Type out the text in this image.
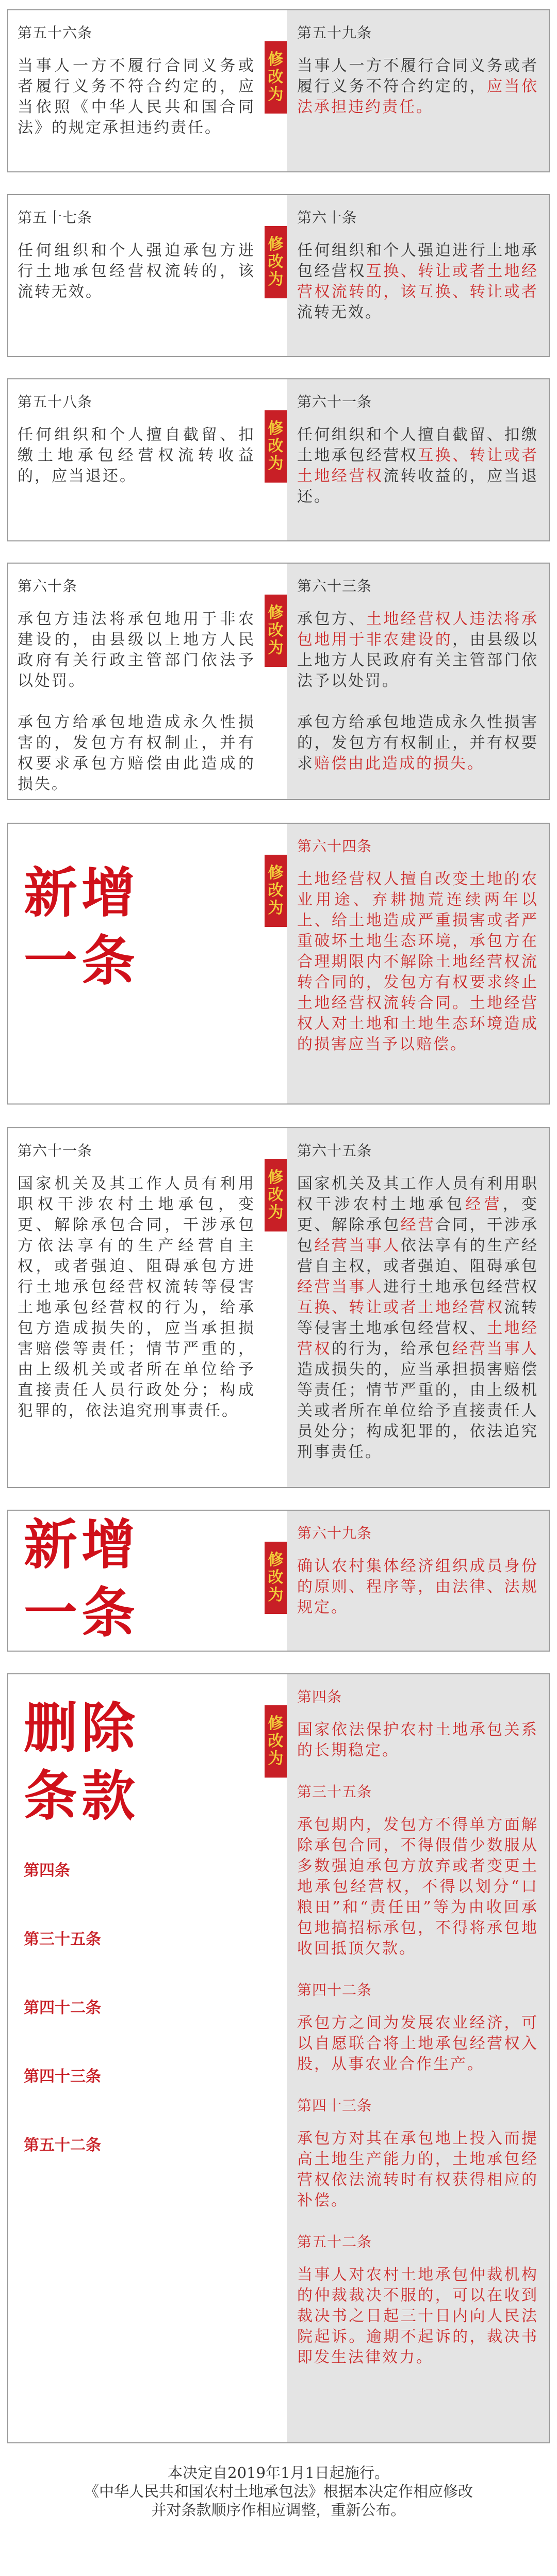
第五十六条
当事人一方不履行合同义务或者履行义务不符合约定的，应当依照《中华人民共和国合同法》的规定承担违约责任。
修
改
为
第五十九条
当事人一方不履行合同义务或者履行义务不符合约定的，应当依法承担违约责任。
第五十七条
任何组织和个人强迫承包方进行土地承包经营权流转的，该流转无效。
修
改
为
第六十条
任何组织和个人强迫进行土地承包经营权互换、转让或者土地经营权流转的，该互换、转让或者流转无效。
第五十八条
任何组织和个人擅自截留、扣缴土地承包经营权流转收益的，应当退还。
修
改
为
第六十一条
任何组织和个人擅自截留、扣缴土地承包经营权互换、转让或者土地经营权流转收益的，应当退还。
第六十条
承包方违法将承包地用于非农建设的，由县级以上地方人民政府有关行政主管部门依法予以处罚。
承包方给承包地造成永久性损害的，发包方有权制止，并有权要求承包方赔偿由此造成的损失。
修
改
为
第六十三条
承包方、土地经营权人违法将承包地用于非农建设的，由县级以上地方人民政府有关主管部门依法予以处罚。
承包方给承包地造成永久性损害的，发包方有权制止，并有权要求赔偿由此造成的损失。
新增
一条
修
改
为
第六十四条
土地经营权人擅自改变土地的农业用途、弃耕抛荒连续两年以上、给土地造成严重损害或者严重破坏土地生态环境，承包方在合理期限内不解除土地经营权流转合同的，发包方有权要求终止土地经营权流转合同。土地经营权人对土地和土地生态环境造成的损害应当予以赔偿。
第六十一条
国家机关及其工作人员有利用职权干涉农村土地承包，变更、解除承包合同，干涉承包方依法享有的生产经营自主权，或者强迫、阻碍承包方进行土地承包经营权流转等侵害土地承包经营权的行为，给承包方造成损失的，应当承担损害赔偿等责任；情节严重的，由上级机关或者所在单位给予直接责任人员行政处分；构成犯罪的，依法追究刑事责任。
修
改
为
第六十五条
国家机关及其工作人员有利用职权干涉农村土地承包经营，变更、解除承包经营合同，干涉承包经营当事人依法享有的生产经营自主权，或者强迫、阻碍承包经营当事人进行土地承包经营权互换、转让或者土地经营权流转等侵害土地承包经营权、土地经营权的行为，给承包经营当事人造成损失的，应当承担损害赔偿等责任；情节严重的，由上级机关或者所在单位给予直接责任人员处分；构成犯罪的，依法追究刑事责任。
新增
一条
修
改
为
第六十九条
确认农村集体经济组织成员身份的原则、程序等，由法律、法规规定。
删除
条款
第四条
第三十五条
第四十二条
第四十三条
第五十二条
修
改
为
第四条
国家依法保护农村土地承包关系的长期稳定。
第三十五条
承包期内，发包方不得单方面解除承包合同，不得假借少数服从多数强迫承包方放弃或者变更土地承包经营权，不得以划分“口粮田”和“责任田”等为由收回承包地搞招标承包，不得将承包地收回抵顶欠款。
第四十二条
承包方之间为发展农业经济，可以自愿联合将土地承包经营权入股，从事农业合作生产。
第四十三条
承包方对其在承包地上投入而提高土地生产能力的，土地承包经营权依法流转时有权获得相应的补偿。
第五十二条
当事人对农村土地承包仲裁机构的仲裁裁决不服的，可以在收到裁决书之日起三十日内向人民法院起诉。逾期不起诉的，裁决书即发生法律效力。
本决定自2019年1月1日起施行。
《中华人民共和国农村土地承包法》根据本决定作相应修改
并对条款顺序作相应调整，重新公布。
